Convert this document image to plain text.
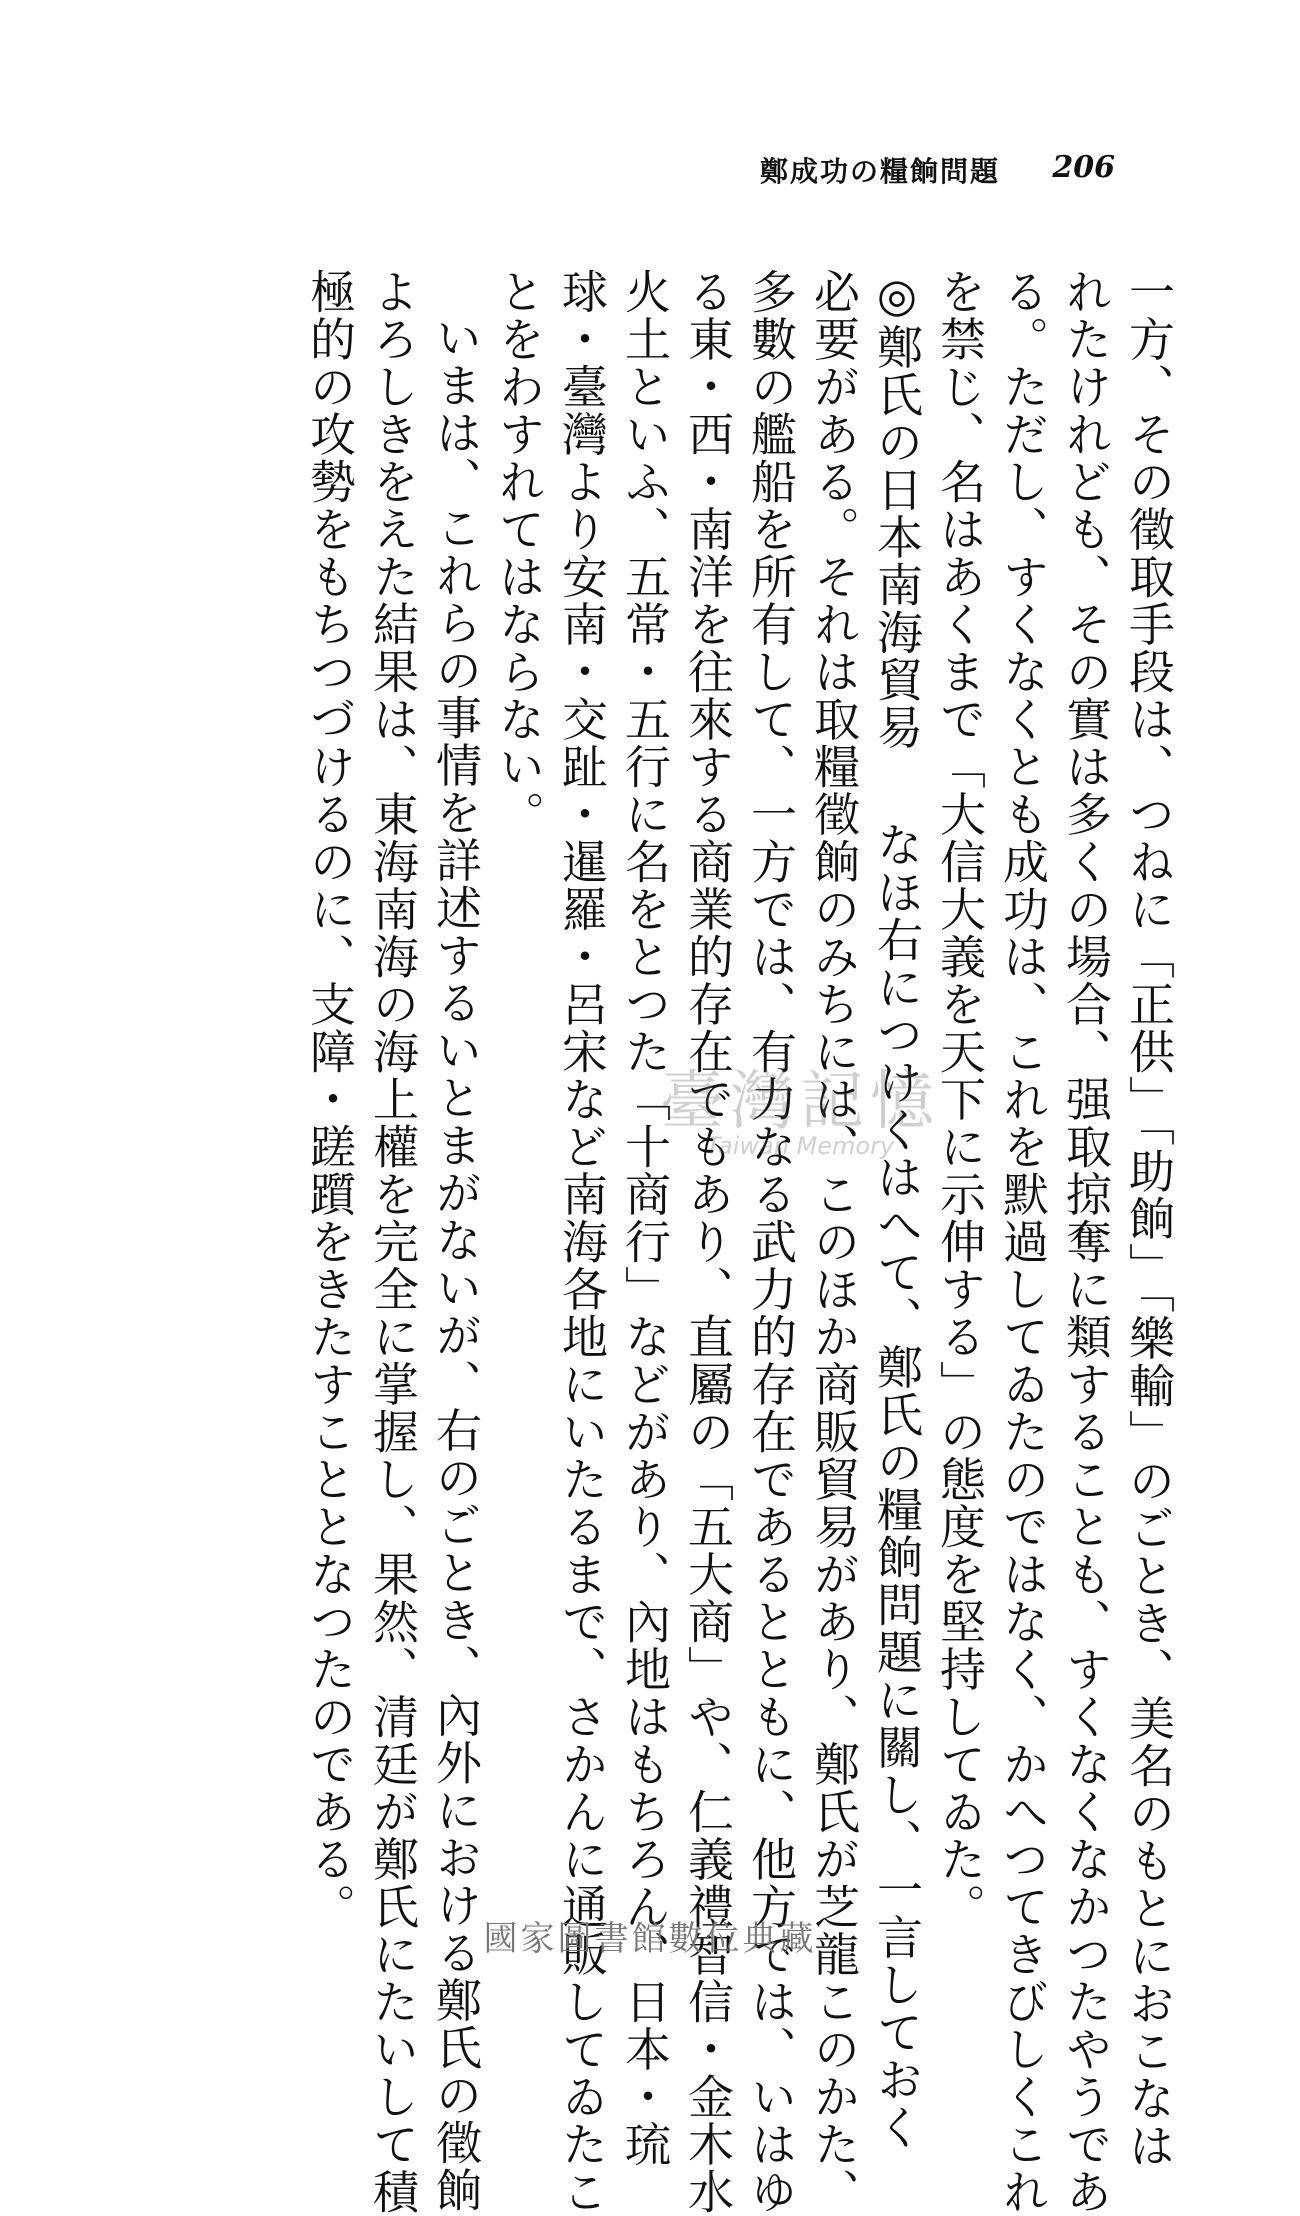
206
鄭成功の糧餉問題
一方、その徵取手段は、つねに「正供」「助餉」「樂輸」のごとき、美名のもとにおこなは
れたけれども、その實は多くの場合、强取掠奪に類することも、すくなくなかつたやうであ
る。ただし、すくなくとも成功は、これを默過してゐたのではなく、かへつてきびしくこれ
を禁じ、名はあくまで「大信大義を天下に示伸する」の態度を堅持してゐた。
◎鄭氏の日本南海貿易なほ右につけくはへて、鄭氏の糧餉問題に關し、一言しておく
必要がある。それは取糧徵餉のみちには、このほか商販貿易があり、鄭氏が芝龍このかた、
多數の艦船を所有して、一方では、有力なる武力的存在であるとともに、他方では、いはゆ
る東・西・南洋を往來する商業的存在でもあり、直屬の「五大商」や、仁義禮智信・金木水
火土といふ、五常・五行に名をとつた「十商行」などがあり、內地はもちろん、日本・琉
球・臺灣より安南・交趾・暹羅・呂宋など南海各地にいたるまで、さかんに通販してゐたこ
とをわすれてはならない。
いまは、これらの事情を詳述するいとまがないが、右のごとき、內外における鄭氏の徵餉
よろしきをえた結果は、東海南海の海上權を完全に掌握し、果然、清廷が鄭氏にたいして積
極的の攻勢をもちつづけるのに、支障・蹉躓をきたすこととなつたのである。	臺灣記憶
Taiwan Memory
國家圖書館數位典藏
